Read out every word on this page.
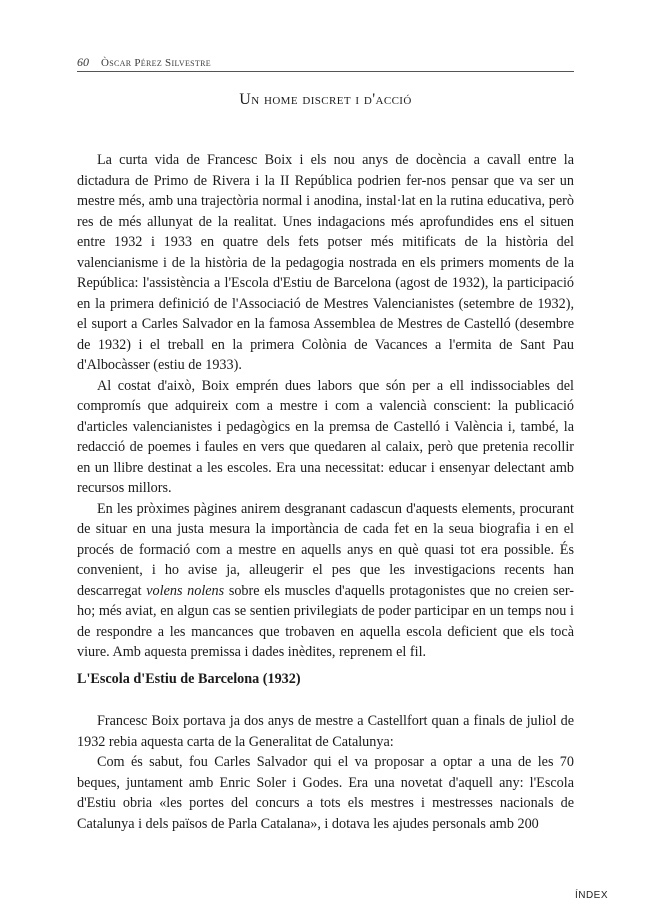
60 Òscar Pérez Silvestre
Un home discret i d'acció

La curta vida de Francesc Boix i els nou anys de docència a cavall entre la dictadura de Primo de Rivera i la II República podrien fer-nos pensar que va ser un mestre més, amb una trajectòria normal i anodina, instal·lat en la rutina educativa, però res de més allunyat de la realitat. Unes indagacions més aprofundides ens el situen entre 1932 i 1933 en quatre dels fets potser més mitificats de la història del valencianisme i de la història de la pedagogia nostrada en els primers moments de la República: l'assistència a l'Escola d'Estiu de Barcelona (agost de 1932), la participació en la primera definició de l'Associació de Mestres Valencianistes (setembre de 1932), el suport a Carles Salvador en la famosa Assemblea de Mestres de Castelló (desembre de 1932) i el treball en la primera Colònia de Vacances a l'ermita de Sant Pau d'Albocàsser (estiu de 1933).

Al costat d'això, Boix emprén dues labors que són per a ell indissociables del compromís que adquireix com a mestre i com a valencià conscient: la publicació d'articles valencianistes i pedagògics en la premsa de Castelló i València i, també, la redacció de poemes i faules en vers que quedaren al calaix, però que pretenia recollir en un llibre destinat a les escoles. Era una necessitat: educar i ensenyar delectant amb recursos millors.

En les pròximes pàgines anirem desgranant cadascun d'aquests elements, procurant de situar en una justa mesura la importància de cada fet en la seua biografia i en el procés de formació com a mestre en aquells anys en què quasi tot era possible. És convenient, i ho avise ja, alleugerir el pes que les investigacions recents han descarregat volens nolens sobre els muscles d'aquells protagonistes que no creien ser-ho; més aviat, en algun cas se sentien privilegiats de poder participar en un temps nou i de respondre a les mancances que trobaven en aquella escola deficient que els tocà viure. Amb aquesta premissa i dades inèdites, reprenem el fil.

L'Escola d'Estiu de Barcelona (1932)

Francesc Boix portava ja dos anys de mestre a Castellfort quan a finals de juliol de 1932 rebia aquesta carta de la Generalitat de Catalunya:

Com és sabut, fou Carles Salvador qui el va proposar a optar a una de les 70 beques, juntament amb Enric Soler i Godes. Era una novetat d'aquell any: l'Escola d'Estiu obria «les portes del concurs a tots els mestres i mestresses nacionals de Catalunya i dels països de Parla Catalana», i dotava les ajudes personals amb 200

ÍNDEX
